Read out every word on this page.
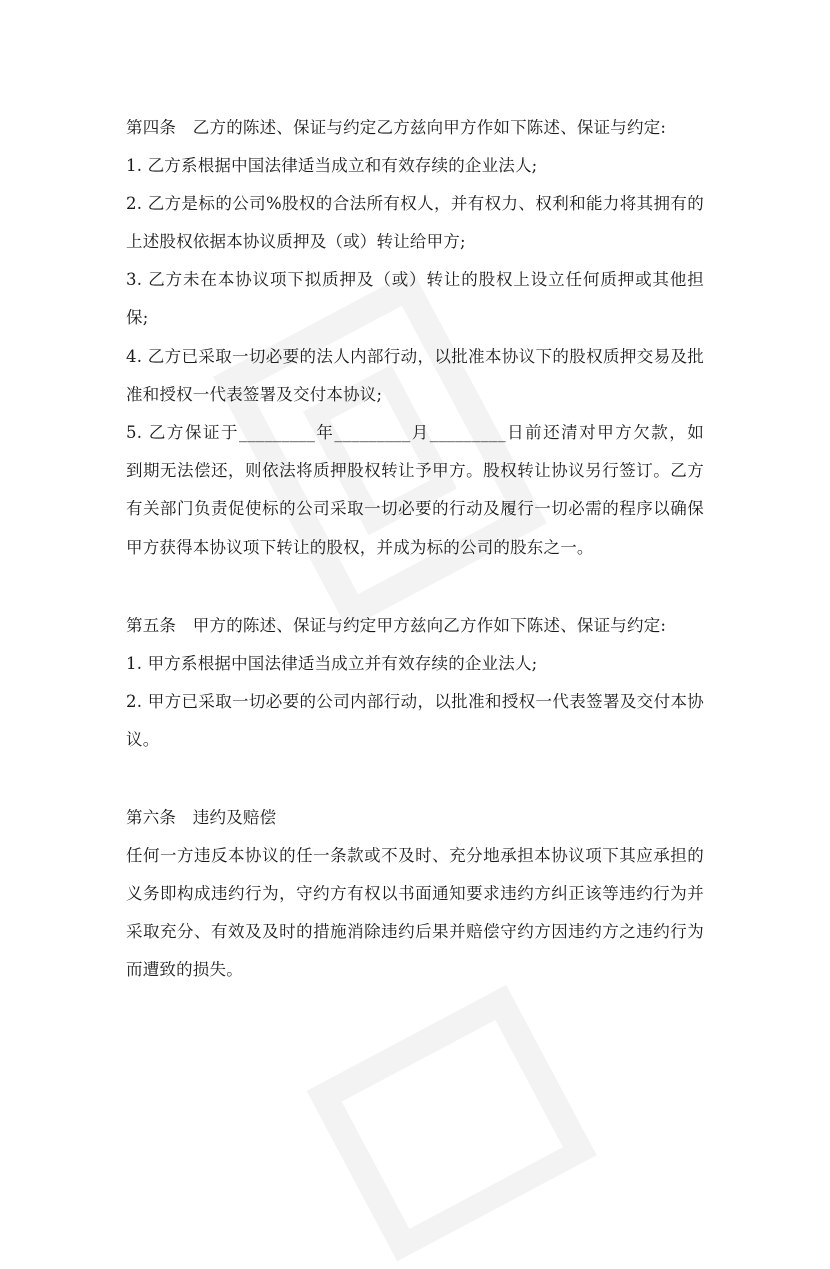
第四条　乙方的陈述、保证与约定乙方兹向甲方作如下陈述、保证与约定:
1. 乙方系根据中国法律适当成立和有效存续的企业法人;
2. 乙方是标的公司%股权的合法所有权人，并有权力、权利和能力将其拥有的
上述股权依据本协议质押及（或）转让给甲方;
3. 乙方未在本协议项下拟质押及（或）转让的股权上设立任何质押或其他担
保;
4. 乙方已采取一切必要的法人内部行动，以批准本协议下的股权质押交易及批
准和授权一代表签署及交付本协议;
5. 乙方保证于_________年_________月_________日前还清对甲方欠款，如
到期无法偿还，则依法将质押股权转让予甲方。股权转让协议另行签订。乙方
有关部门负责促使标的公司采取一切必要的行动及履行一切必需的程序以确保
甲方获得本协议项下转让的股权，并成为标的公司的股东之一。
第五条　甲方的陈述、保证与约定甲方兹向乙方作如下陈述、保证与约定:
1. 甲方系根据中国法律适当成立并有效存续的企业法人;
2. 甲方已采取一切必要的公司内部行动，以批准和授权一代表签署及交付本协
议。
第六条　违约及赔偿
任何一方违反本协议的任一条款或不及时、充分地承担本协议项下其应承担的
义务即构成违约行为，守约方有权以书面通知要求违约方纠正该等违约行为并
采取充分、有效及及时的措施消除违约后果并赔偿守约方因违约方之违约行为
而遭致的损失。
